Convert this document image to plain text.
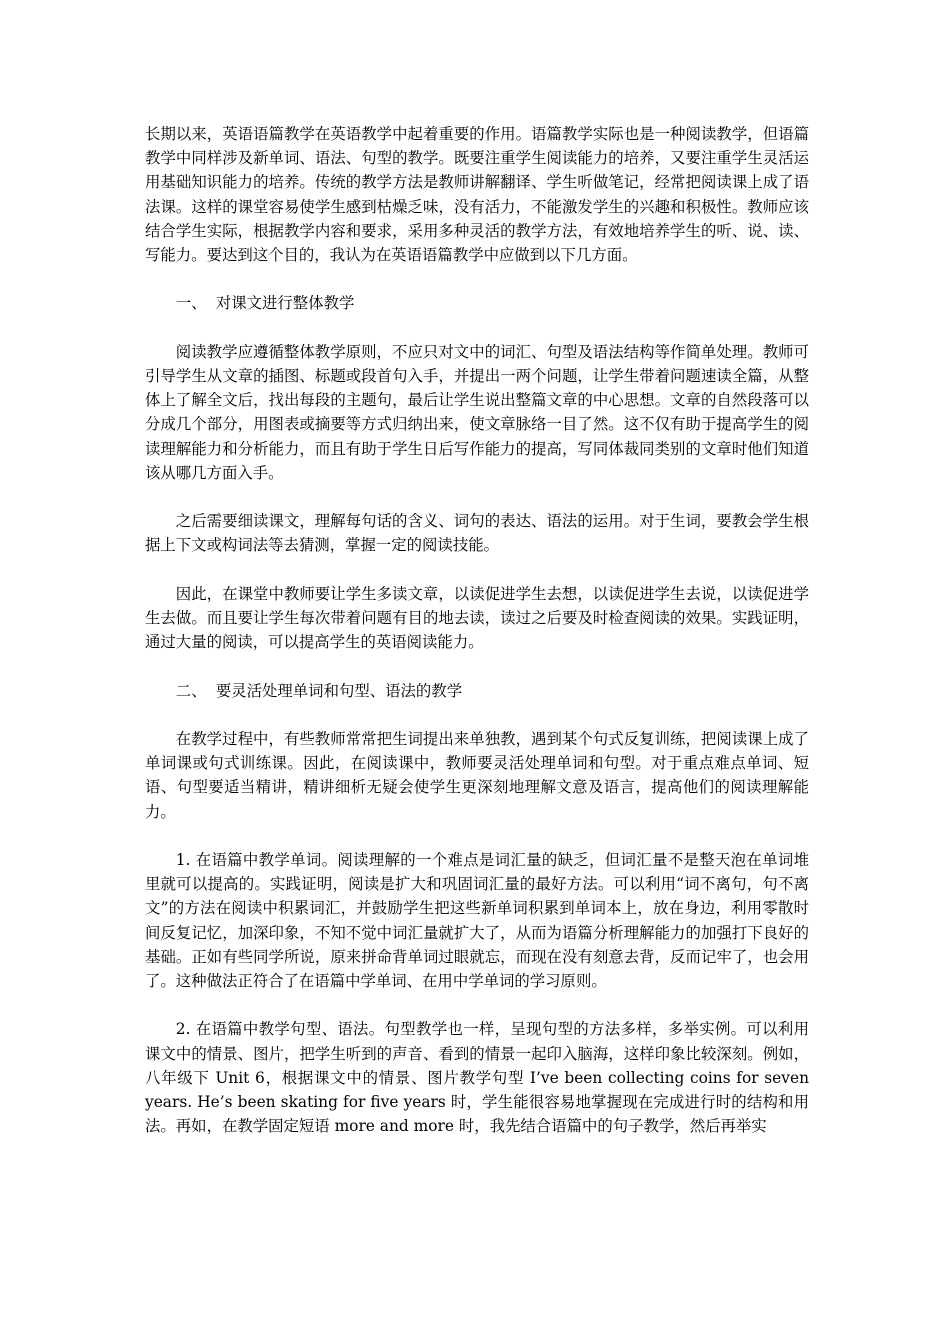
长期以来，英语语篇教学在英语教学中起着重要的作用。语篇教学实际也是一种阅读教学，但语篇教学中同样涉及新单词、语法、句型的教学。既要注重学生阅读能力的培养，又要注重学生灵活运用基础知识能力的培养。传统的教学方法是教师讲解翻译、学生听做笔记，经常把阅读课上成了语法课。这样的课堂容易使学生感到枯燥乏味，没有活力，不能激发学生的兴趣和积极性。教师应该结合学生实际，根据教学内容和要求，采用多种灵活的教学方法，有效地培养学生的听、说、读、写能力。要达到这个目的，我认为在英语语篇教学中应做到以下几方面。

一、 对课文进行整体教学

阅读教学应遵循整体教学原则，不应只对文中的词汇、句型及语法结构等作简单处理。教师可引导学生从文章的插图、标题或段首句入手，并提出一两个问题，让学生带着问题速读全篇，从整体上了解全文后，找出每段的主题句，最后让学生说出整篇文章的中心思想。文章的自然段落可以分成几个部分，用图表或摘要等方式归纳出来，使文章脉络一目了然。这不仅有助于提高学生的阅读理解能力和分析能力，而且有助于学生日后写作能力的提高，写同体裁同类别的文章时他们知道该从哪几方面入手。

之后需要细读课文，理解每句话的含义、词句的表达、语法的运用。对于生词，要教会学生根据上下文或构词法等去猜测，掌握一定的阅读技能。

因此，在课堂中教师要让学生多读文章，以读促进学生去想，以读促进学生去说，以读促进学生去做。而且要让学生每次带着问题有目的地去读，读过之后要及时检查阅读的效果。实践证明，通过大量的阅读，可以提高学生的英语阅读能力。

二、 要灵活处理单词和句型、语法的教学

在教学过程中，有些教师常常把生词提出来单独教，遇到某个句式反复训练，把阅读课上成了单词课或句式训练课。因此，在阅读课中，教师要灵活处理单词和句型。对于重点难点单词、短语、句型要适当精讲，精讲细析无疑会使学生更深刻地理解文意及语言，提高他们的阅读理解能力。

1. 在语篇中教学单词。阅读理解的一个难点是词汇量的缺乏，但词汇量不是整天泡在单词堆里就可以提高的。实践证明，阅读是扩大和巩固词汇量的最好方法。可以利用“词不离句，句不离文”的方法在阅读中积累词汇，并鼓励学生把这些新单词积累到单词本上，放在身边，利用零散时间反复记忆，加深印象，不知不觉中词汇量就扩大了，从而为语篇分析理解能力的加强打下良好的基础。正如有些同学所说，原来拼命背单词过眼就忘，而现在没有刻意去背，反而记牢了，也会用了。这种做法正符合了在语篇中学单词、在用中学单词的学习原则。

2. 在语篇中教学句型、语法。句型教学也一样，呈现句型的方法多样，多举实例。可以利用课文中的情景、图片，把学生听到的声音、看到的情景一起印入脑海，这样印象比较深刻。例如，八年级下 Unit 6，根据课文中的情景、图片教学句型 I’ve been collecting coins for seven years. He’s been skating for five years 时，学生能很容易地掌握现在完成进行时的结构和用法。再如，在教学固定短语 more and more 时，我先结合语篇中的句子教学，然后再举实
